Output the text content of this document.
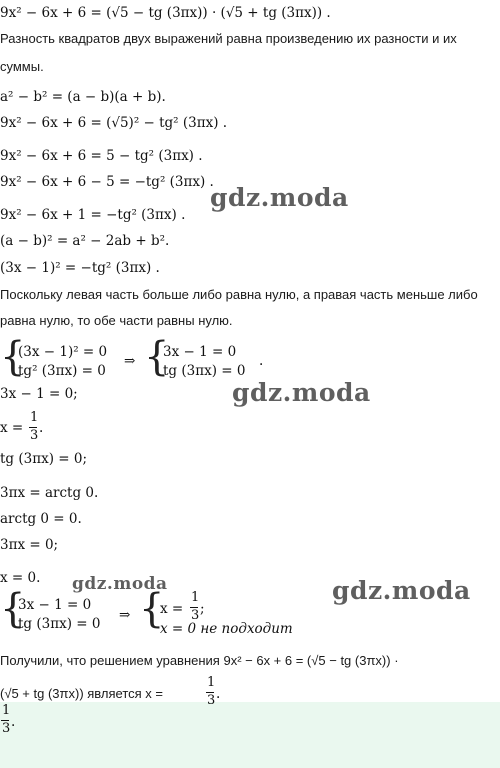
9x² − 6x + 6 = (√5 − tg (3πx)) · (√5 + tg (3πx)) .
Разность квадратов двух выражений равна произведению их разности и их
суммы.
a² − b² = (a − b)(a + b).
9x² − 6x + 6 = (√5)² − tg² (3πx) .
9x² − 6x + 6 = 5 − tg² (3πx) .
9x² − 6x + 6 − 5 = −tg² (3πx) .
9x² − 6x + 1 = −tg² (3πx) .
(a − b)² = a² − 2ab + b².
(3x − 1)² = −tg² (3πx) .
Поскольку левая часть больше либо равна нулю, а правая часть меньше либо
равна нулю, то обе части равны нулю.
{
(3x − 1)² = 0
tg² (3πx) = 0
⇒ {
3x − 1 = 0
tg (3πx) = 0
.
3x − 1 = 0;
x =
1
3 .
tg (3πx) = 0;
3πx = arctg 0.
arctg 0 = 0.
3πx = 0;
x = 0.
{
3x − 1 = 0
tg (3πx) = 0
⇒ {
x =
1
3 ;
x = 0 не подходит
Получили, что решением уравнения 9x² − 6x + 6 = (√5 − tg (3πx)) ·
(√5 + tg (3πx)) является x =
1
3 .
1
3 .
gdz.moda
gdz.moda
gdz.moda	gdz.moda
